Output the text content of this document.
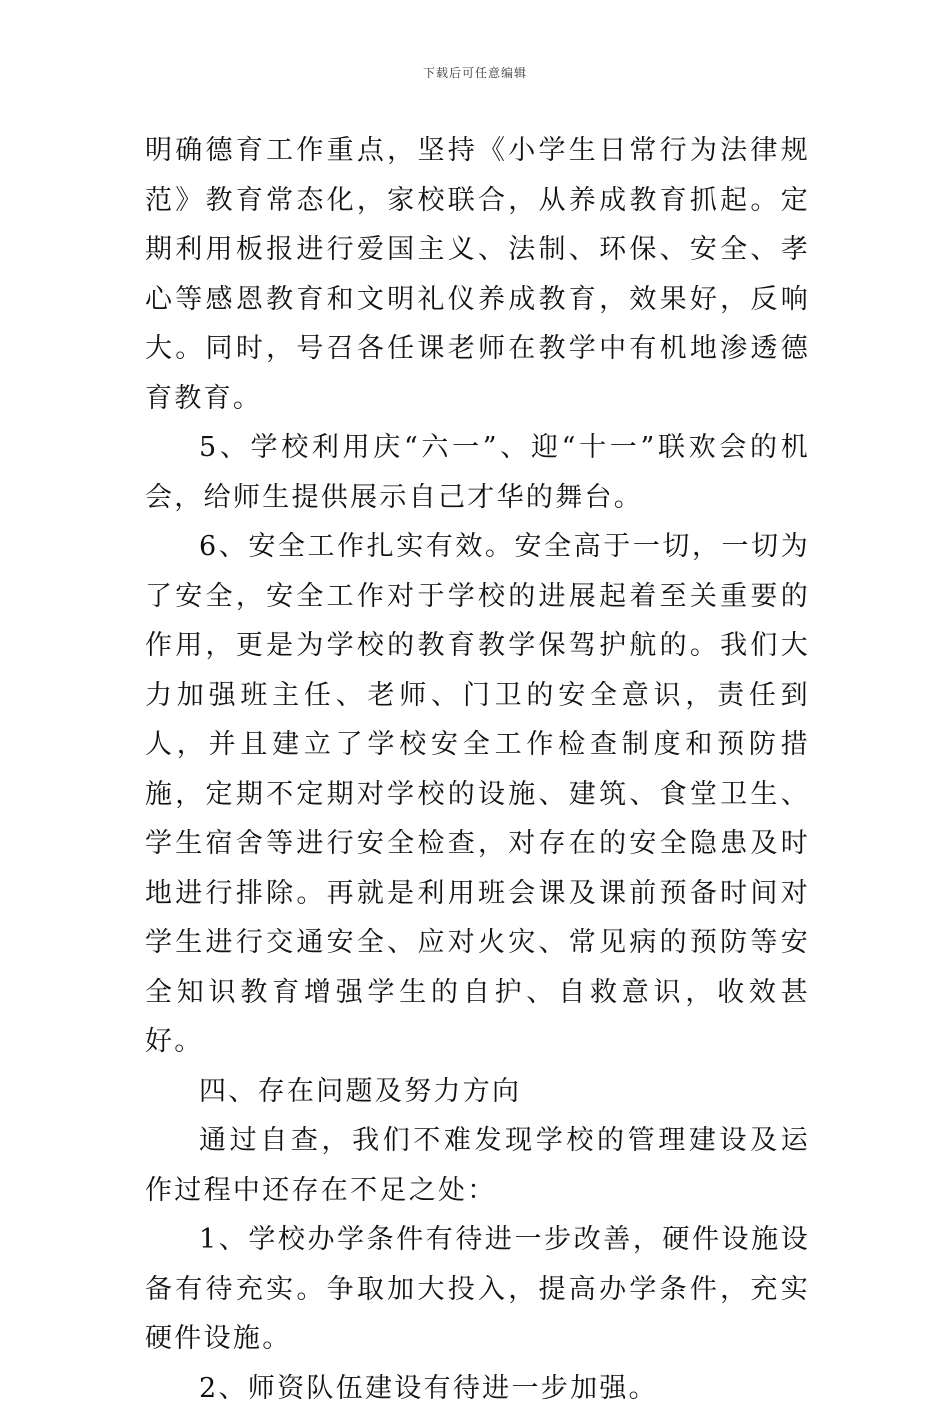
下载后可任意编辑

明确德育工作重点，坚持《小学生日常行为法律规范》教育常态化，家校联合，从养成教育抓起。定期利用板报进行爱国主义、法制、环保、安全、孝心等感恩教育和文明礼仪养成教育，效果好，反响大。同时，号召各任课老师在教学中有机地渗透德育教育。

5、学校利用庆“六一”、迎“十一”联欢会的机会，给师生提供展示自己才华的舞台。

6、安全工作扎实有效。安全高于一切，一切为了安全，安全工作对于学校的进展起着至关重要的作用，更是为学校的教育教学保驾护航的。我们大力加强班主任、老师、门卫的安全意识，责任到人，并且建立了学校安全工作检查制度和预防措施，定期不定期对学校的设施、建筑、食堂卫生、学生宿舍等进行安全检查，对存在的安全隐患及时地进行排除。再就是利用班会课及课前预备时间对学生进行交通安全、应对火灾、常见病的预防等安全知识教育增强学生的自护、自救意识，收效甚好。

四、存在问题及努力方向

通过自查，我们不难发现学校的管理建设及运作过程中还存在不足之处：

1、学校办学条件有待进一步改善，硬件设施设备有待充实。争取加大投入，提高办学条件，充实硬件设施。

2、师资队伍建设有待进一步加强。
